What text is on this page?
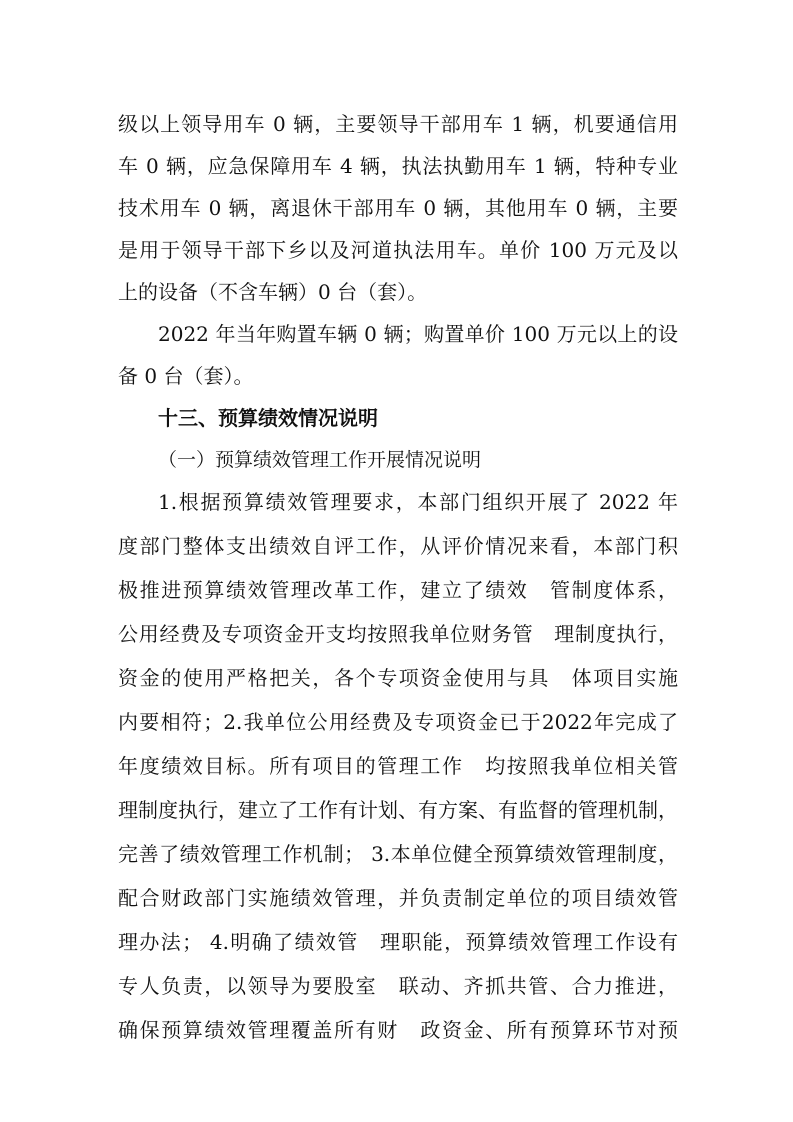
级以上领导用车 0 辆，主要领导干部用车 1 辆，机要通信用
车 0 辆，应急保障用车 4 辆，执法执勤用车 1 辆，特种专业
技术用车 0 辆，离退休干部用车 0 辆，其他用车 0 辆，主要
是用于领导干部下乡以及河道执法用车。单价 100 万元及以
上的设备（不含车辆）0 台（套）。
2022 年当年购置车辆 0 辆；购置单价 100 万元以上的设
备 0 台（套）。
十三、预算绩效情况说明
（一）预算绩效管理工作开展情况说明
1.根据预算绩效管理要求，本部门组织开展了 2022 年
度部门整体支出绩效自评工作，从评价情况来看，本部门积
极推进预算绩效管理改革工作，建立了绩效　管制度体系，
公用经费及专项资金开支均按照我单位财务管　理制度执行，
资金的使用严格把关，各个专项资金使用与具　体项目实施
内要相符；2.我单位公用经费及专项资金已于2022年完成了
年度绩效目标。所有项目的管理工作　均按照我单位相关管
理制度执行，建立了工作有计划、有方案、有监督的管理机制，
完善了绩效管理工作机制； 3.本单位健全预算绩效管理制度，
配合财政部门实施绩效管理，并负责制定单位的项目绩效管
理办法； 4.明确了绩效管　理职能，预算绩效管理工作设有
专人负责，以领导为要股室　联动、齐抓共管、合力推进，
确保预算绩效管理覆盖所有财　政资金、所有预算环节对预
